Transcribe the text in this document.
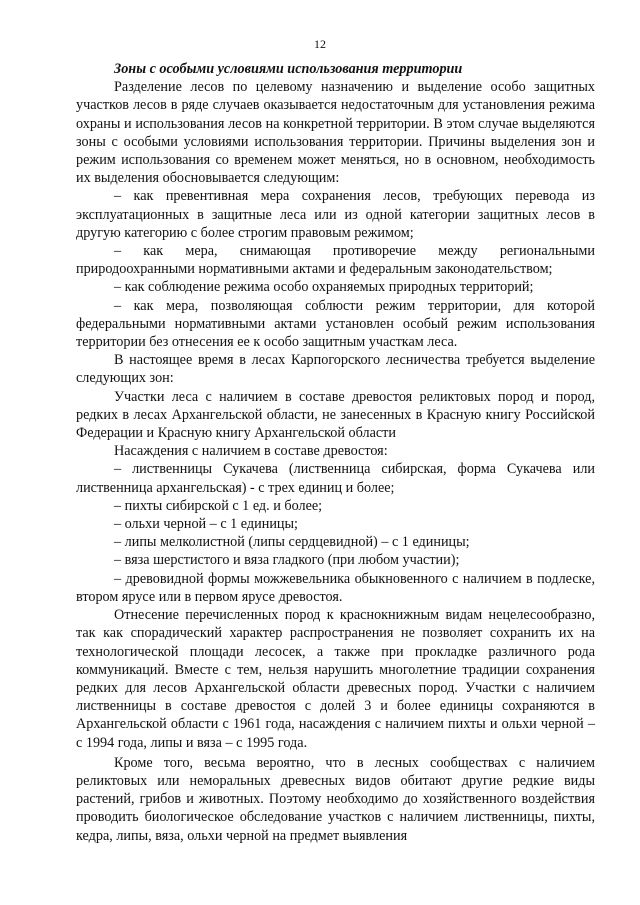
12

Зоны с особыми условиями использования территории

Разделение лесов по целевому назначению и выделение особо защитных участков лесов в ряде случаев оказывается недостаточным для установления режима охраны и использования лесов на конкретной территории. В этом случае выделяются зоны с особыми условиями использования территории. Причины выделения зон и режим использования со временем может меняться, но в основном, необходимость их выделения обосновывается следующим:

– как превентивная мера сохранения лесов, требующих перевода из эксплуатационных в защитные леса или из одной категории защитных лесов в другую категорию с более строгим правовым режимом;

– как мера, снимающая противоречие между региональными природоохранными нормативными актами и федеральным законодательством;

– как соблюдение режима особо охраняемых природных территорий;

– как мера, позволяющая соблюсти режим территории, для которой федеральными нормативными актами установлен особый режим использования территории без отнесения ее к особо защитным участкам леса.

В настоящее время в лесах Карпогорского лесничества требуется выделение следующих зон:

Участки леса с наличием в составе древостоя реликтовых пород и пород, редких в лесах Архангельской области, не занесенных в Красную книгу Российской Федерации и Красную книгу Архангельской области

Насаждения с наличием в составе древостоя:

– лиственницы Сукачева (лиственница сибирская, форма Сукачева или лиственница архангельская) - с трех единиц и более;

– пихты сибирской с 1 ед. и более;

– ольхи черной – с 1 единицы;

– липы мелколистной (липы сердцевидной) – с 1 единицы;

– вяза шерстистого и вяза гладкого (при любом участии);

– древовидной формы можжевельника обыкновенного с наличием в подлеске, втором ярусе или в первом ярусе древостоя.

Отнесение перечисленных пород к краснокнижным видам нецелесообразно, так как спорадический характер распространения не позволяет сохранить их на технологической площади лесосек, а также при прокладке различного рода коммуникаций. Вместе с тем, нельзя нарушить многолетние традиции сохранения редких для лесов Архангельской области древесных пород. Участки с наличием лиственницы в составе древостоя с долей 3 и более единицы сохраняются в Архангельской области с 1961 года, насаждения с наличием пихты и ольхи черной – с 1994 года, липы и вяза – с 1995 года.

Кроме того, весьма вероятно, что в лесных сообществах с наличием реликтовых или неморальных древесных видов обитают другие редкие виды растений, грибов и животных. Поэтому необходимо до хозяйственного воздействия проводить биологическое обследование участков с наличием лиственницы, пихты, кедра, липы, вяза, ольхи черной на предмет выявления
